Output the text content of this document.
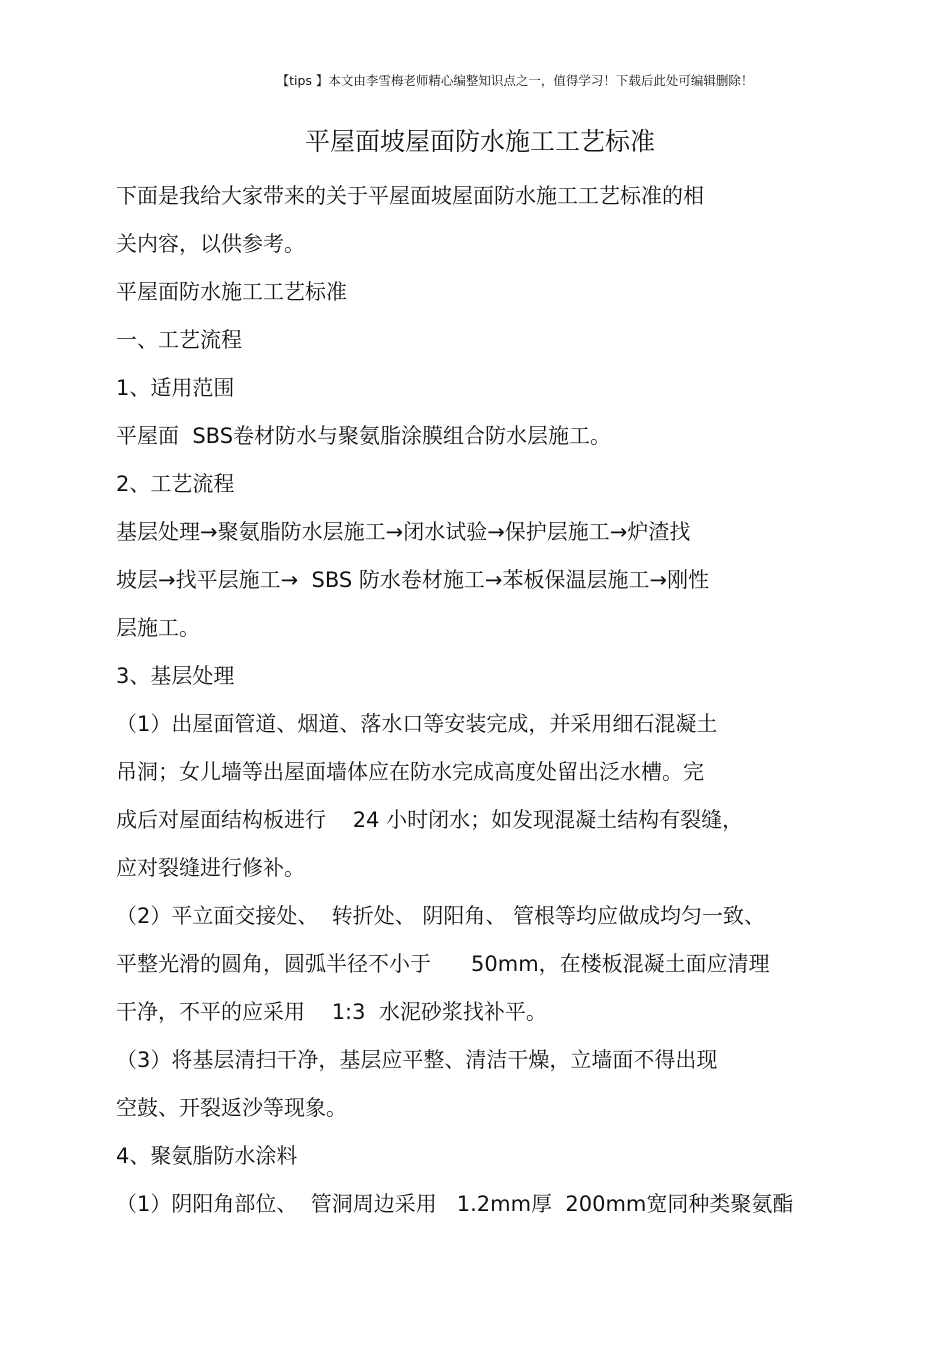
【tips 】本文由李雪梅老师精心编整知识点之一，值得学习！下载后此处可编辑删除！
平屋面坡屋面防水施工工艺标准
下面是我给大家带来的关于平屋面坡屋面防水施工工艺标准的相
关内容，以供参考。
平屋面防水施工工艺标准
一、工艺流程
1、适用范围
平屋面  SBS卷材防水与聚氨脂涂膜组合防水层施工。
2、工艺流程
基层处理→聚氨脂防水层施工→闭水试验→保护层施工→炉渣找
坡层→找平层施工→  SBS 防水卷材施工→苯板保温层施工→刚性
层施工。
3、基层处理
（1）出屋面管道、烟道、落水口等安装完成，并采用细石混凝土
吊洞；女儿墙等出屋面墙体应在防水完成高度处留出泛水槽。完
成后对屋面结构板进行    24 小时闭水；如发现混凝土结构有裂缝，
应对裂缝进行修补。
（2）平立面交接处、  转折处、 阴阳角、 管根等均应做成均匀一致、
平整光滑的圆角，圆弧半径不小于      50mm，在楼板混凝土面应清理
干净，不平的应采用    1:3  水泥砂浆找补平。
（3）将基层清扫干净，基层应平整、清洁干燥，立墙面不得出现
空鼓、开裂返沙等现象。
4、聚氨脂防水涂料
（1）阴阳角部位、  管洞周边采用   1.2mm厚  200mm宽同种类聚氨酯
